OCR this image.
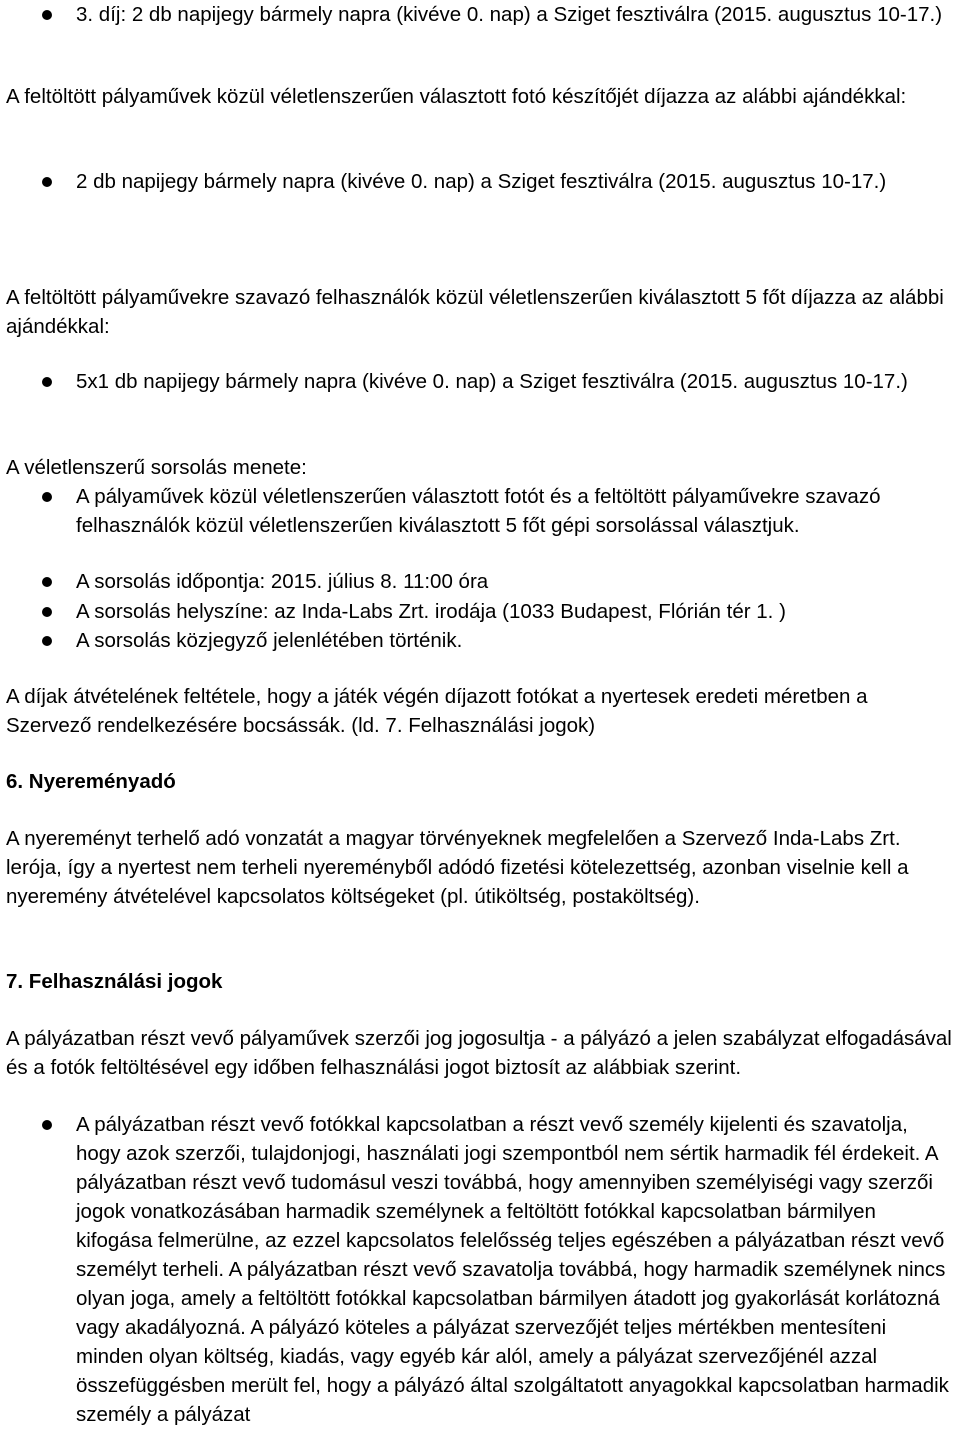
3. díj: 2 db napijegy bármely napra (kivéve 0. nap) a Sziget fesztiválra (2015. augusztus 10-17.)

A feltöltött pályaművek közül véletlenszerűen választott fotó készítőjét díjazza az alábbi ajándékkal:

2 db napijegy bármely napra (kivéve 0. nap) a Sziget fesztiválra (2015. augusztus 10-17.)

A feltöltött pályaművekre szavazó felhasználók közül véletlenszerűen kiválasztott 5 főt díjazza az alábbi ajándékkal:

5x1 db napijegy bármely napra (kivéve 0. nap) a Sziget fesztiválra (2015. augusztus 10-17.)

A véletlenszerű sorsolás menete:

A pályaművek közül véletlenszerűen választott fotót és a feltöltött pályaművekre szavazó felhasználók közül véletlenszerűen kiválasztott 5 főt gépi sorsolással választjuk.

A sorsolás időpontja: 2015. július 8. 11:00 óra

A sorsolás helyszíne: az Inda-Labs Zrt. irodája (1033 Budapest, Flórián tér 1. )

A sorsolás közjegyző jelenlétében történik.

A díjak átvételének feltétele, hogy a játék végén díjazott fotókat a nyertesek eredeti méretben a Szervező rendelkezésére bocsássák. (ld. 7. Felhasználási jogok)

6. Nyereményadó

A nyereményt terhelő adó vonzatát a magyar törvényeknek megfelelően a Szervező Inda-Labs Zrt. lerója, így a nyertest nem terheli nyereményből adódó fizetési kötelezettség, azonban viselnie kell a nyeremény átvételével kapcsolatos költségeket (pl. útiköltség, postaköltség).

7. Felhasználási jogok

A pályázatban részt vevő pályaművek szerzői jog jogosultja - a pályázó a jelen szabályzat elfogadásával és a fotók feltöltésével egy időben felhasználási jogot biztosít az alábbiak szerint.

A pályázatban részt vevő fotókkal kapcsolatban a részt vevő személy kijelenti és szavatolja, hogy azok szerzői, tulajdonjogi, használati jogi szempontból nem sértik harmadik fél érdekeit. A pályázatban részt vevő tudomásul veszi továbbá, hogy amennyiben személyiségi vagy szerzői jogok vonatkozásában harmadik személynek a feltöltött fotókkal kapcsolatban bármilyen kifogása felmerülne, az ezzel kapcsolatos felelősség teljes egészében a pályázatban részt vevő személyt terheli. A pályázatban részt vevő szavatolja továbbá, hogy harmadik személynek nincs olyan joga, amely a feltöltött fotókkal kapcsolatban bármilyen átadott jog gyakorlását korlátozná vagy akadályozná. A pályázó köteles a pályázat szervezőjét teljes mértékben mentesíteni minden olyan költség, kiadás, vagy egyéb kár alól, amely a pályázat szervezőjénél azzal összefüggésben merült fel, hogy a pályázó által szolgáltatott anyagokkal kapcsolatban harmadik személy a pályázat
